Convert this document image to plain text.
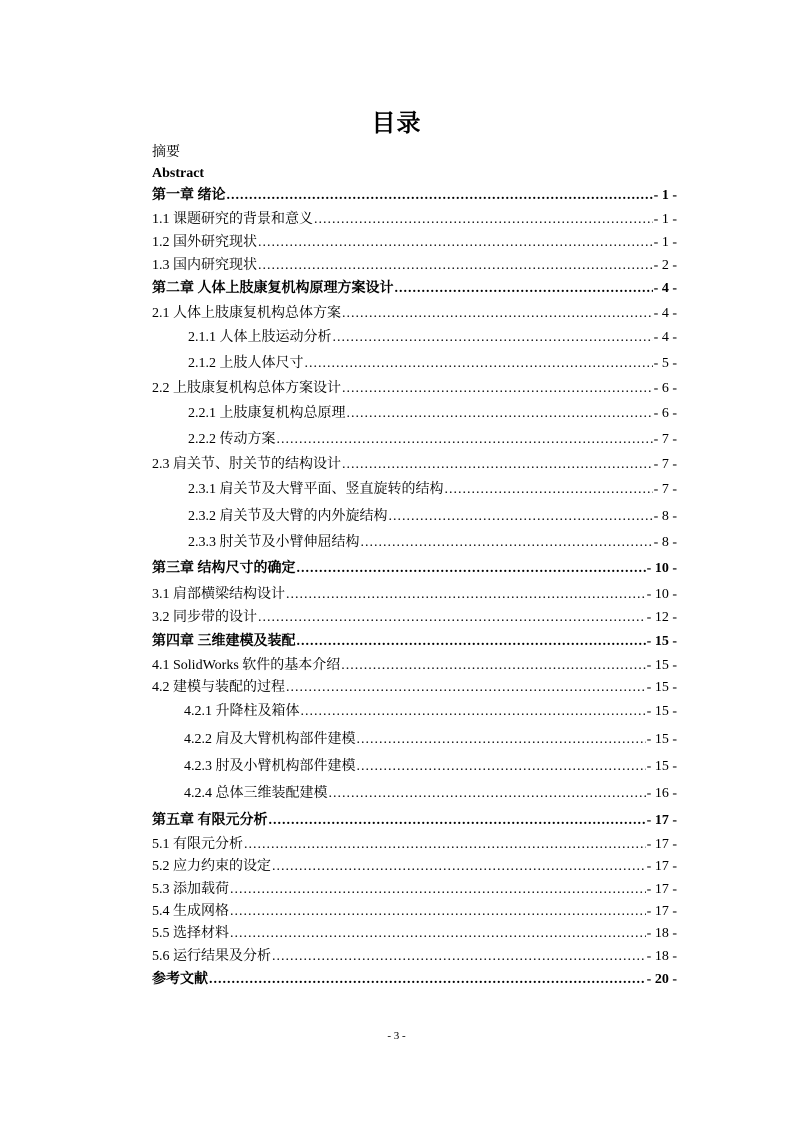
目录
摘要
Abstract
第一章 绪论 .....	- 1 -
1.1 课题研究的背景和意义 .....	- 1 -
1.2 国外研究现状 .....	- 1 -
1.3 国内研究现状 .....	- 2 -
第二章 人体上肢康复机构原理方案设计 .....	- 4 -
2.1 人体上肢康复机构总体方案 .....	- 4 -
2.1.1 人体上肢运动分析 .....	- 4 -
2.1.2 上肢人体尺寸 .....	- 5 -
2.2 上肢康复机构总体方案设计 .....	- 6 -
2.2.1 上肢康复机构总原理 .....	- 6 -
2.2.2 传动方案 .....	- 7 -
2.3 肩关节、肘关节的结构设计 .....	- 7 -
2.3.1 肩关节及大臂平面、竖直旋转的结构 .....	- 7 -
2.3.2 肩关节及大臂的内外旋结构 .....	- 8 -
2.3.3 肘关节及小臂伸屈结构 .....	- 8 -
第三章 结构尺寸的确定 .....	- 10 -
3.1 肩部横梁结构设计 .....	- 10 -
3.2 同步带的设计 .....	- 12 -
第四章 三维建模及装配 .....	- 15 -
4.1 SolidWorks 软件的基本介绍 .....	- 15 -
4.2 建模与装配的过程 .....	- 15 -
4.2.1 升降柱及箱体 .....	- 15 -
4.2.2 肩及大臂机构部件建模 .....	- 15 -
4.2.3 肘及小臂机构部件建模 .....	- 15 -
4.2.4 总体三维装配建模 .....	- 16 -
第五章 有限元分析 .....	- 17 -
5.1 有限元分析 .....	- 17 -
5.2 应力约束的设定 .....	- 17 -
5.3 添加载荷 .....	- 17 -
5.4 生成网格 .....	- 17 -
5.5 选择材料 .....	- 18 -
5.6 运行结果及分析 .....	- 18 -
参考文献 .....	- 20 -
- 3 -
